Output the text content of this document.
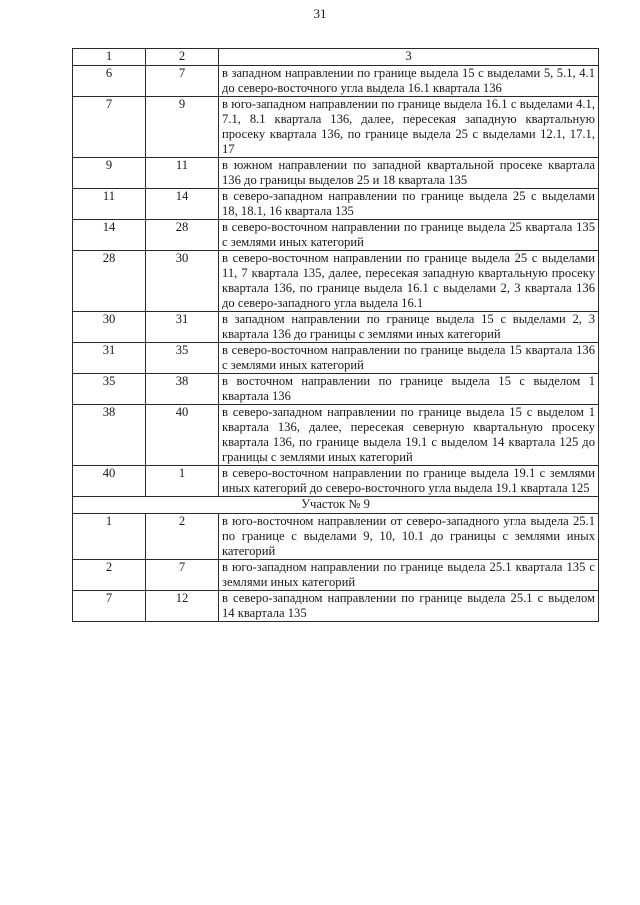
31
1	2	3
6	7	в западном направлении по границе выдела 15 с выделами 5, 5.1, 4.1 до северо-восточного угла выдела 16.1 квартала 136
7	9	в юго-западном направлении по границе выдела 16.1 с выделами 4.1, 7.1, 8.1 квартала 136, далее, пересекая западную квартальную просеку квартала 136, по границе выдела 25 с выделами 12.1, 17.1, 17
9	11	в южном направлении по западной квартальной просеке квартала 136 до границы выделов 25 и 18 квартала 135
11	14	в северо-западном направлении по границе выдела 25 с выделами 18, 18.1, 16 квартала 135
14	28	в северо-восточном направлении по границе выдела 25 квартала 135 с землями иных категорий
28	30	в северо-восточном направлении по границе выдела 25 с выделами 11, 7 квартала 135, далее, пересекая западную квартальную просеку квартала 136, по границе выдела 16.1 с выделами 2, 3 квартала 136 до северо-западного угла выдела 16.1
30	31	в западном направлении по границе выдела 15 с выделами 2, 3 квартала 136 до границы с землями иных категорий
31	35	в северо-восточном направлении по границе выдела 15 квартала 136 с землями иных категорий
35	38	в восточном направлении по границе выдела 15 с выделом 1 квартала 136
38	40	в северо-западном направлении по границе выдела 15 с выделом 1 квартала 136, далее, пересекая северную квартальную просеку квартала 136, по границе выдела 19.1 с выделом 14 квартала 125 до границы с землями иных категорий
40	1	в северо-восточном направлении по границе выдела 19.1 с землями иных категорий до северо-восточного угла выдела 19.1 квартала 125
Участок № 9		
1	2	в юго-восточном направлении от северо-западного угла выдела 25.1 по границе с выделами 9, 10, 10.1 до границы с землями иных категорий
2	7	в юго-западном направлении по границе выдела 25.1 квартала 135 с землями иных категорий
7	12	в северо-западном направлении по границе выдела 25.1 с выделом 14 квартала 135
